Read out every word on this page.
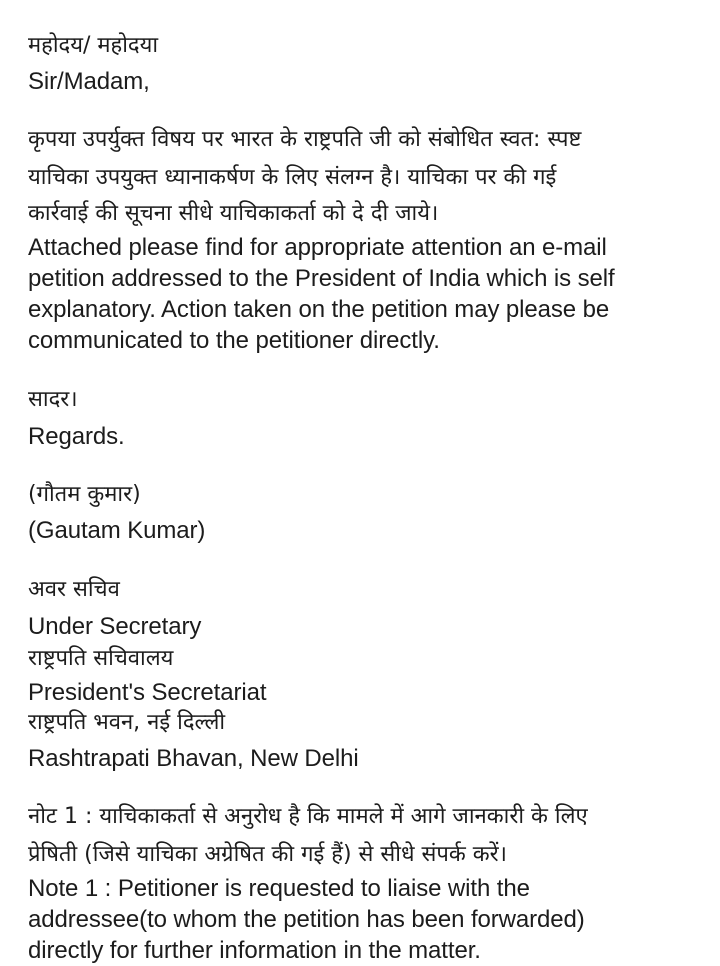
महोदय/ महोदया
Sir/Madam,
कृपया उपर्युक्त विषय पर भारत के राष्ट्रपति जी को संबोधित स्वत: स्पष्ट
याचिका उपयुक्त ध्यानाकर्षण के लिए संलग्न है। याचिका पर की गई
कार्रवाई की सूचना सीधे याचिकाकर्ता को दे दी जाये।
Attached please find for appropriate attention an e-mail
petition addressed to the President of India which is self
explanatory. Action taken on the petition may please be
communicated to the petitioner directly.
सादर।
Regards.
(गौतम कुमार)
(Gautam Kumar)
अवर सचिव
Under Secretary
राष्ट्रपति सचिवालय
President's Secretariat
राष्ट्रपति भवन, नई दिल्ली
Rashtrapati Bhavan, New Delhi
नोट 1 : याचिकाकर्ता से अनुरोध है कि मामले में आगे जानकारी के लिए
प्रेषिती (जिसे याचिका अग्रेषित की गई हैं) से सीधे संपर्क करें।
Note 1 : Petitioner is requested to liaise with the
addressee(to whom the petition has been forwarded)
directly for further information in the matter.
